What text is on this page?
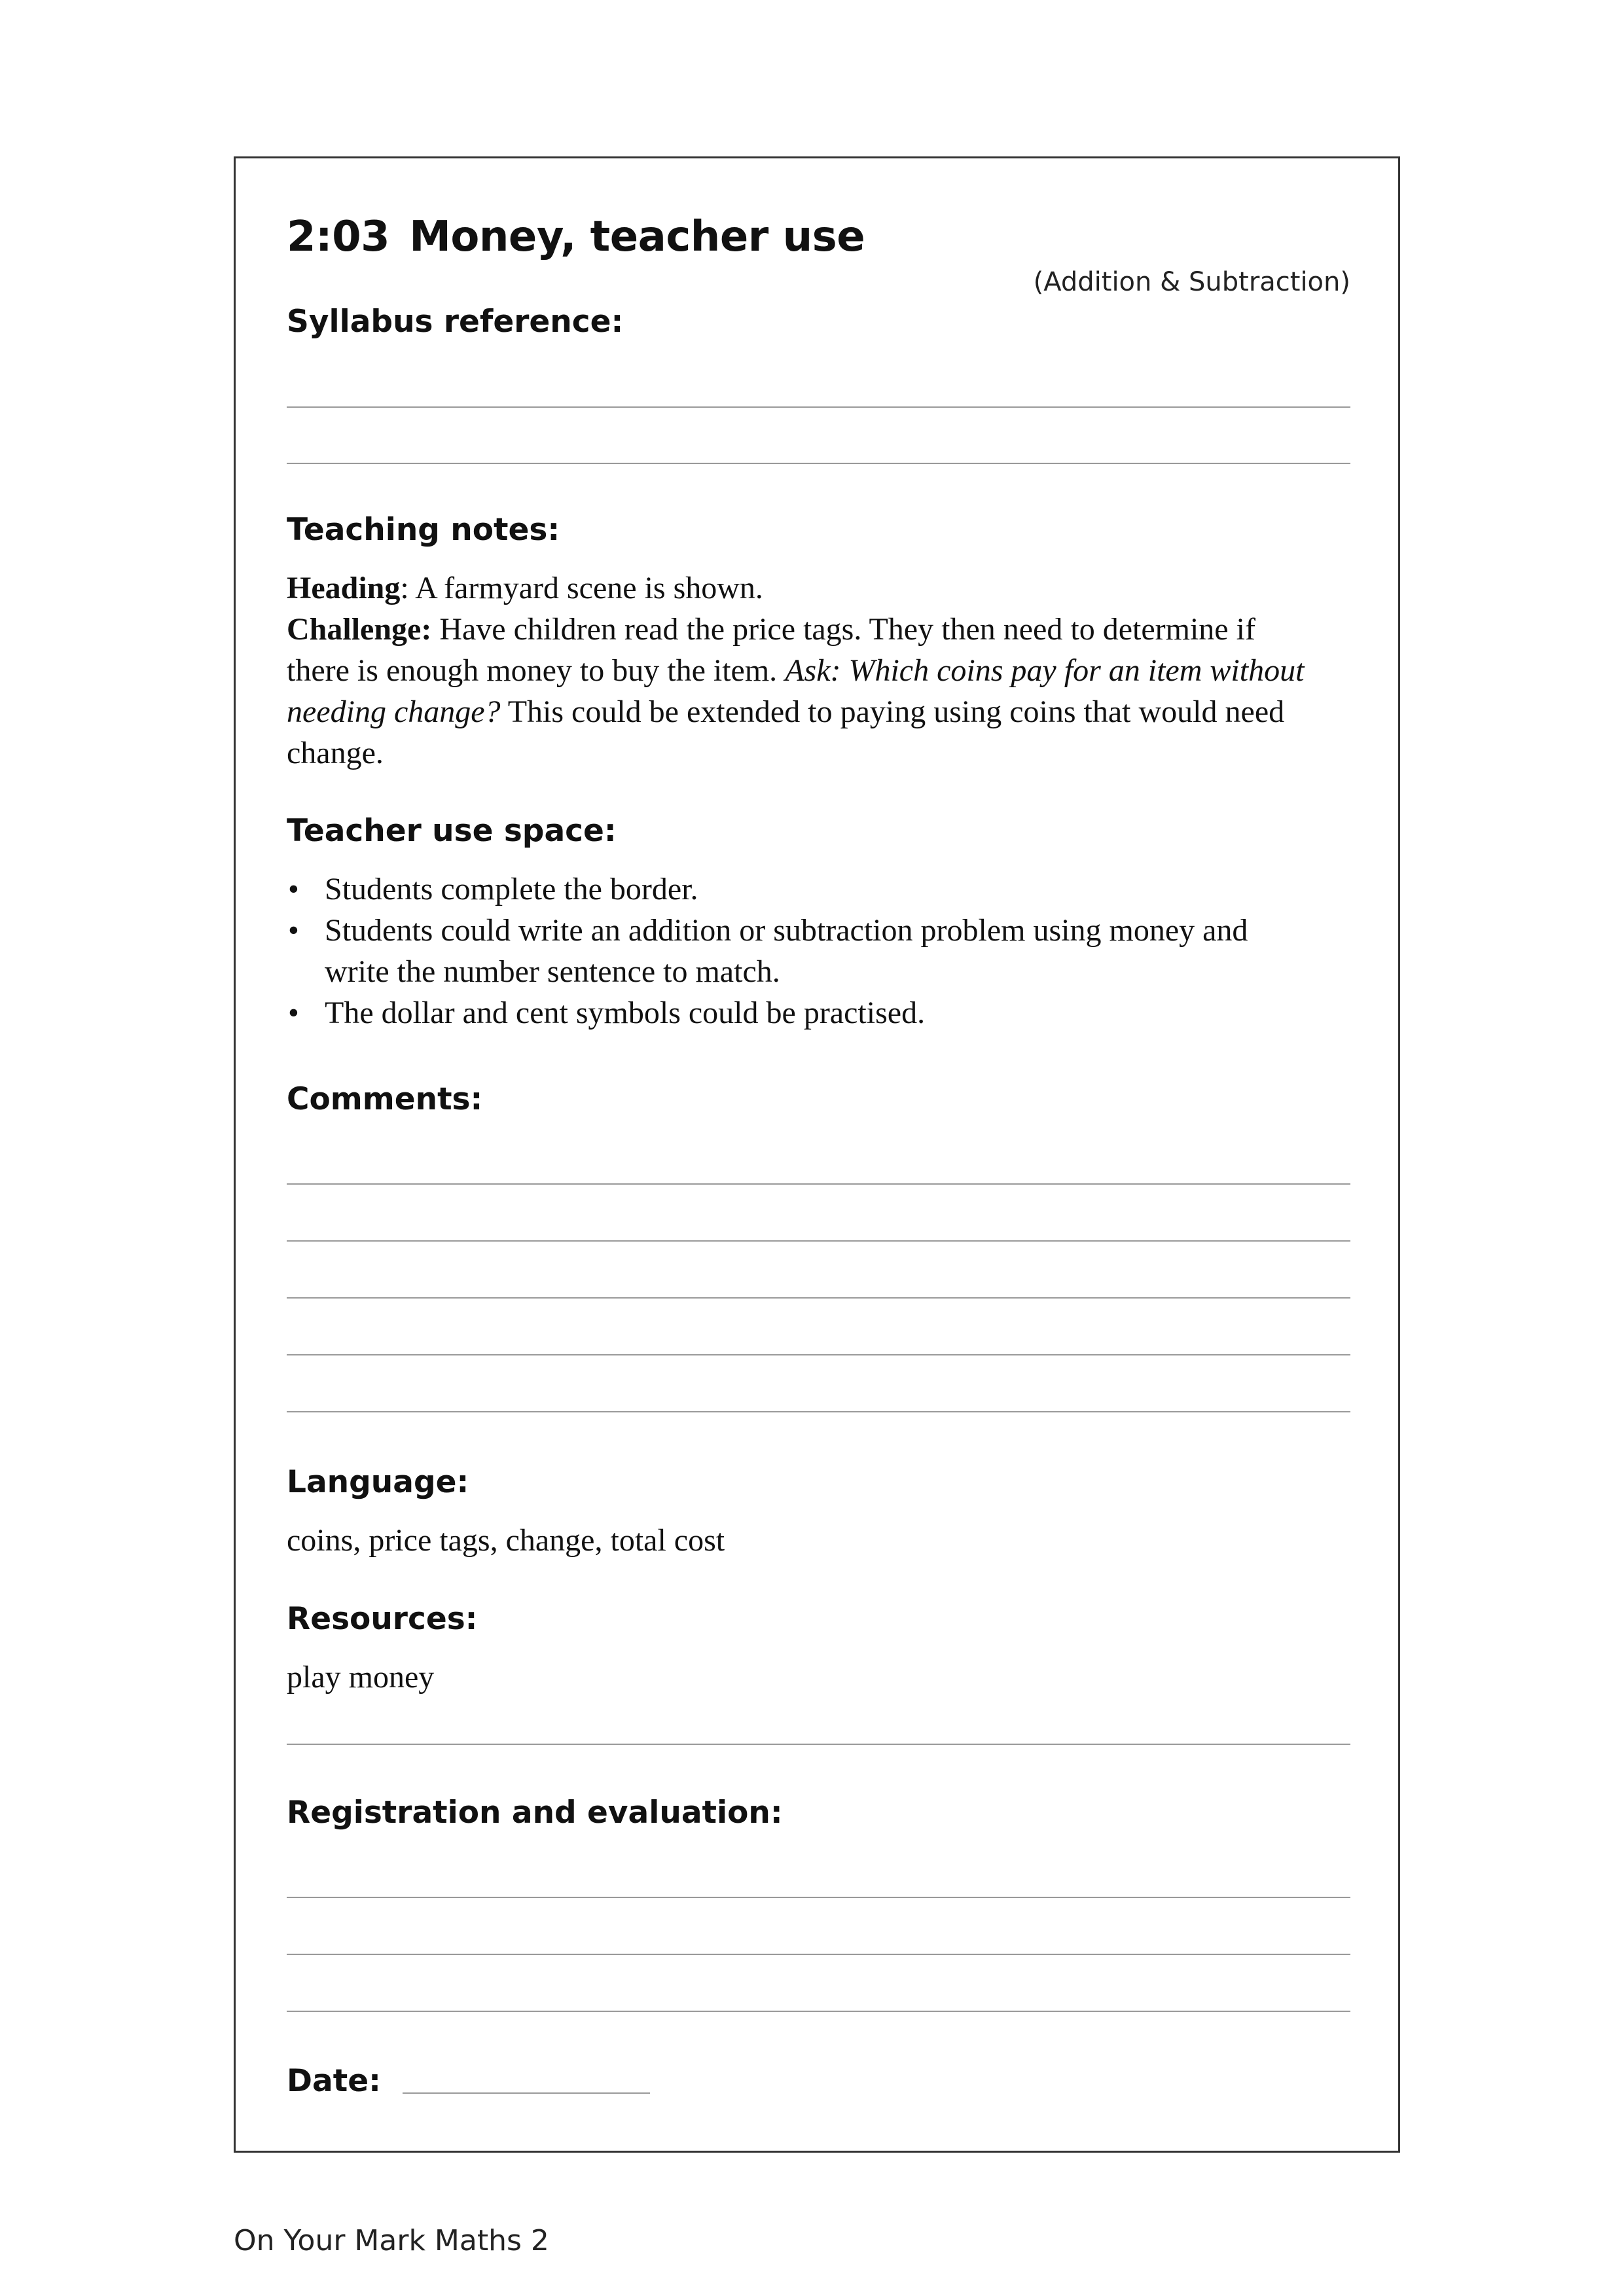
2:03 Money, teacher use
(Addition & Subtraction)
Syllabus reference:
Teaching notes:

Heading: A farmyard scene is shown.

Challenge: Have children read the price tags. They then need to determine if there is enough money to buy the item. Ask: Which coins pay for an item without needing change? This could be extended to paying using coins that would need change.

Teacher use space:
• Students complete the border.
• Students could write an addition or subtraction problem using money and write the number sentence to match.
• The dollar and cent symbols could be practised.
Comments:
Language:
coins, price tags, change, total cost
Resources:
play money
Registration and evaluation:
Date:
On Your Mark Maths 2
